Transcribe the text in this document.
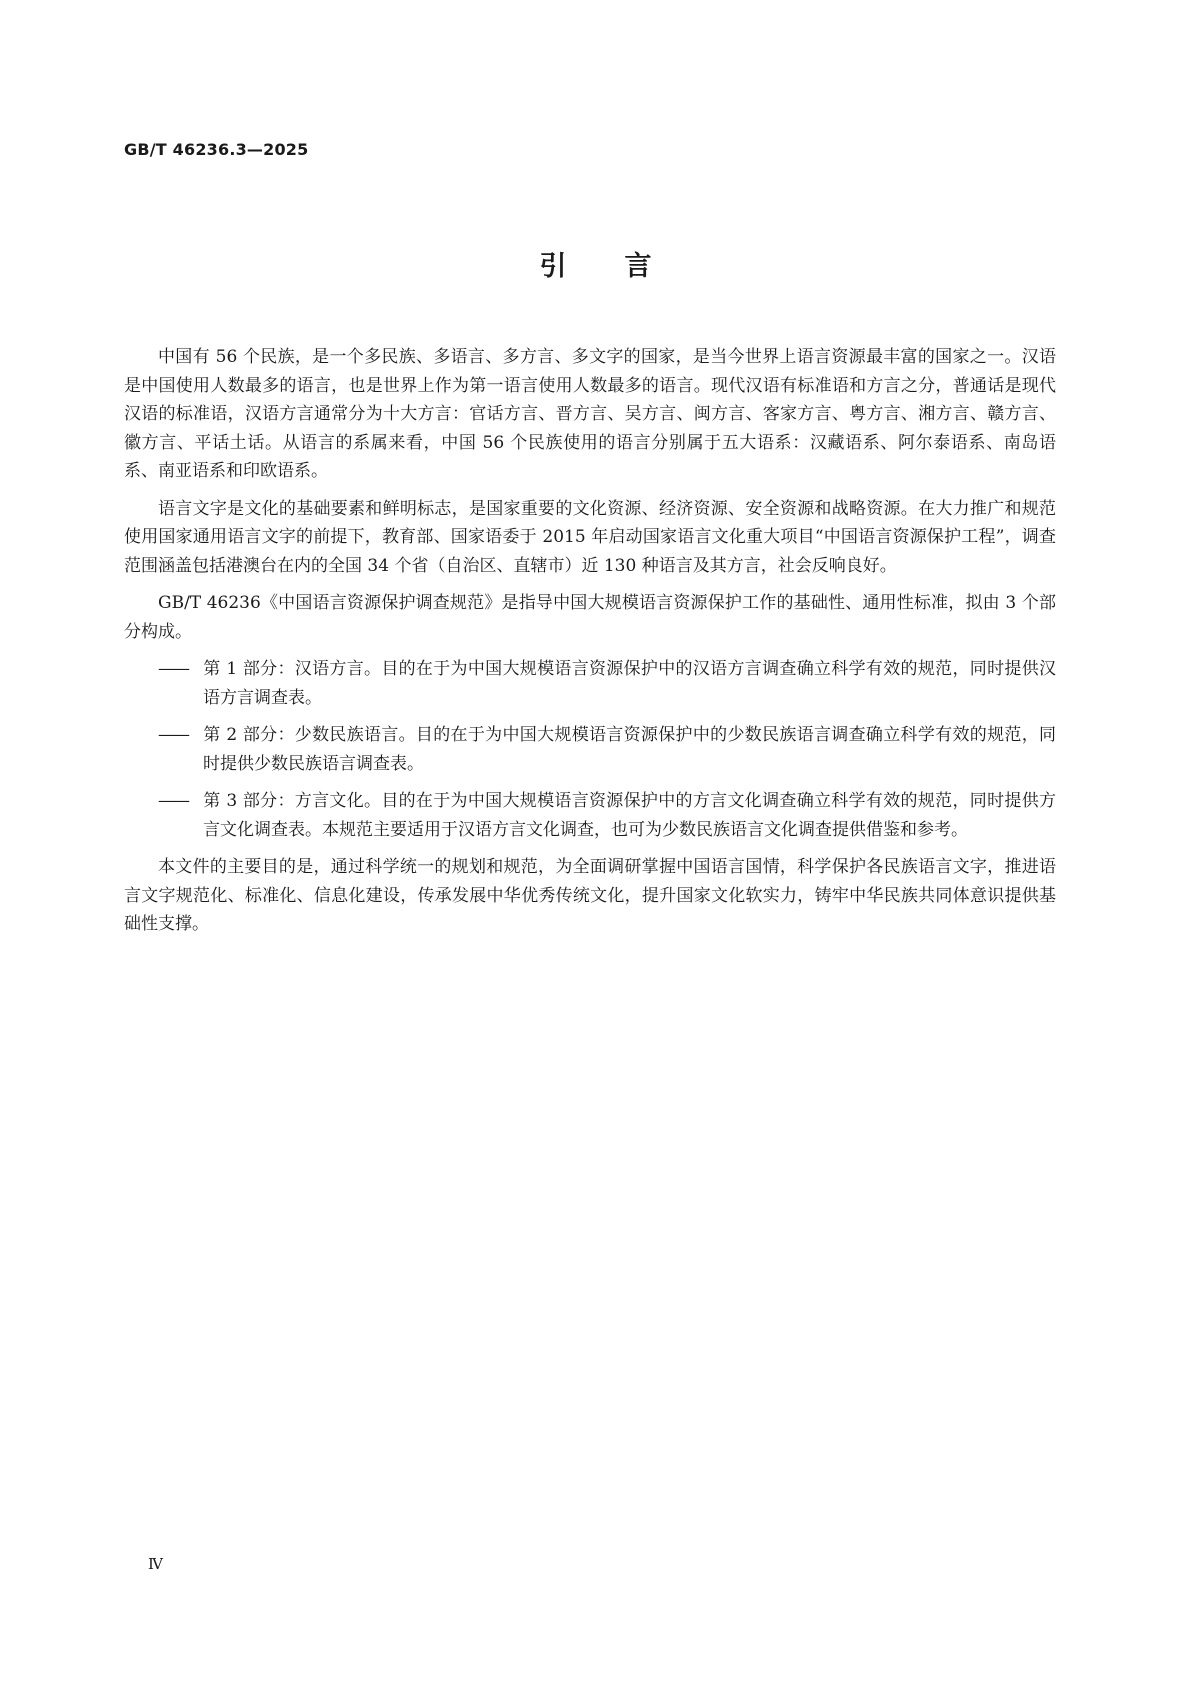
GB/T 46236.3—2025
引言

中国有 56 个民族，是一个多民族、多语言、多方言、多文字的国家，是当今世界上语言资源最丰富的国家之一。汉语是中国使用人数最多的语言，也是世界上作为第一语言使用人数最多的语言。现代汉语有标准语和方言之分，普通话是现代汉语的标准语，汉语方言通常分为十大方言：官话方言、晋方言、吴方言、闽方言、客家方言、粤方言、湘方言、赣方言、徽方言、平话土话。从语言的系属来看，中国 56 个民族使用的语言分别属于五大语系：汉藏语系、阿尔泰语系、南岛语系、南亚语系和印欧语系。

语言文字是文化的基础要素和鲜明标志，是国家重要的文化资源、经济资源、安全资源和战略资源。在大力推广和规范使用国家通用语言文字的前提下，教育部、国家语委于 2015 年启动国家语言文化重大项目“中国语言资源保护工程”，调查范围涵盖包括港澳台在内的全国 34 个省（自治区、直辖市）近 130 种语言及其方言，社会反响良好。

GB/T 46236《中国语言资源保护调查规范》是指导中国大规模语言资源保护工作的基础性、通用性标准，拟由 3 个部分构成。

—— 第 1 部分：汉语方言。目的在于为中国大规模语言资源保护中的汉语方言调查确立科学有效的规范，同时提供汉语方言调查表。
—— 第 2 部分：少数民族语言。目的在于为中国大规模语言资源保护中的少数民族语言调查确立科学有效的规范，同时提供少数民族语言调查表。
—— 第 3 部分：方言文化。目的在于为中国大规模语言资源保护中的方言文化调查确立科学有效的规范，同时提供方言文化调查表。本规范主要适用于汉语方言文化调查，也可为少数民族语言文化调查提供借鉴和参考。

本文件的主要目的是，通过科学统一的规划和规范，为全面调研掌握中国语言国情，科学保护各民族语言文字，推进语言文字规范化、标准化、信息化建设，传承发展中华优秀传统文化，提升国家文化软实力，铸牢中华民族共同体意识提供基础性支撑。

Ⅳ
